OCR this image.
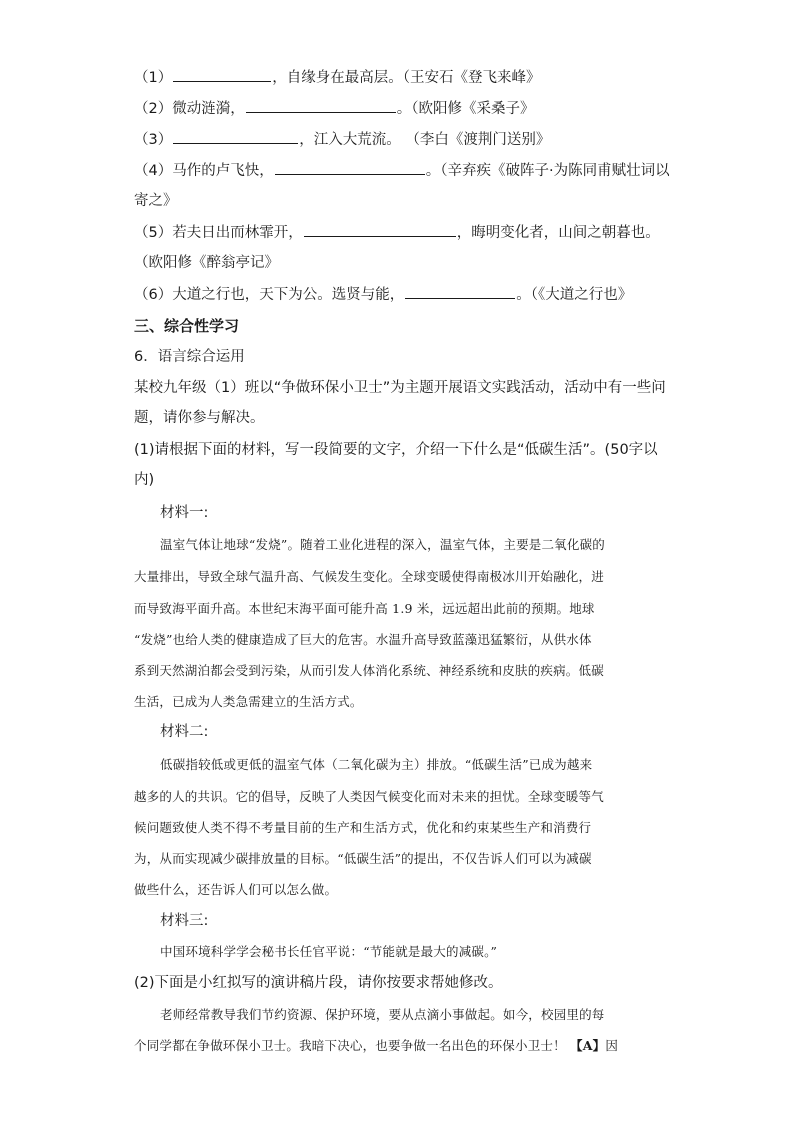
（1）	，自缘身在最高层。（王安石《登飞来峰》
（2）微动涟漪，	。（欧阳修《采桑子》
（3）	，江入大荒流。 （李白《渡荆门送别》
（4）马作的卢飞快，	。（辛弃疾《破阵子·为陈同甫赋壮词以
寄之》
（5）若夫日出而林霏开，	，晦明变化者，山间之朝暮也。
（欧阳修《醉翁亭记》
（6）大道之行也，天下为公。选贤与能，	。（《大道之行也》
三、综合性学习
6．语言综合运用
某校九年级（1）班以“争做环保小卫士”为主题开展语文实践活动，活动中有一些问
题，请你参与解决。
(1)请根据下面的材料，写一段简要的文字，介绍一下什么是“低碳生活”。(50字以
内)
材料一:
温室气体让地球“发烧”。随着工业化进程的深入，温室气体，主要是二氧化碳的
大量排出，导致全球气温升高、气候发生变化。全球变暖使得南极冰川开始融化，进
而导致海平面升高。本世纪末海平面可能升高 1.9 米，远远超出此前的预期。地球
“发烧”也给人类的健康造成了巨大的危害。水温升高导致蓝藻迅猛繁衍，从供水体
系到天然湖泊都会受到污染，从而引发人体消化系统、神经系统和皮肤的疾病。低碳
生活，已成为人类急需建立的生活方式。
材料二:
低碳指较低或更低的温室气体（二氧化碳为主）排放。“低碳生活”已成为越来
越多的人的共识。它的倡导，反映了人类因气候变化而对未来的担忧。全球变暖等气
候问题致使人类不得不考量目前的生产和生活方式，优化和约束某些生产和消费行
为，从而实现减少碳排放量的目标。“低碳生活”的提出，不仅告诉人们可以为减碳
做些什么，还告诉人们可以怎么做。
材料三:
中国环境科学学会秘书长任官平说：“节能就是最大的减碳。”
(2)下面是小红拟写的演讲稿片段，请你按要求帮她修改。
老师经常教导我们节约资源、保护环境，要从点滴小事做起。如今，校园里的每
个同学都在争做环保小卫士。我暗下决心，也要争做一名出色的环保小卫士！ 【A】因
